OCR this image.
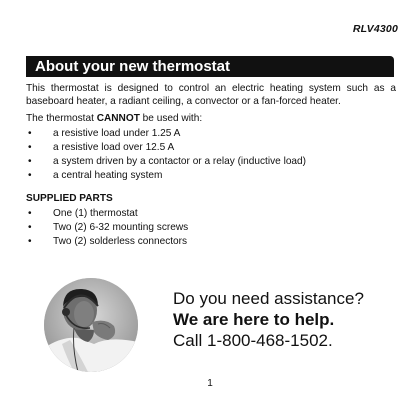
RLV4300
About your new thermostat

This thermostat is designed to control an electric heating system such as a baseboard heater, a radiant ceiling, a convector or a fan-forced heater.

The thermostat CANNOT be used with:

• a resistive load under 1.25 A
• a resistive load over 12.5 A
• a system driven by a contactor or a relay (inductive load)
• a central heating system

SUPPLIED PARTS

• One (1) thermostat
• Two (2) 6-32 mounting screws
• Two (2) solderless connectors
Do you need assistance?
We are here to help.
Call 1-800-468-1502.
1
